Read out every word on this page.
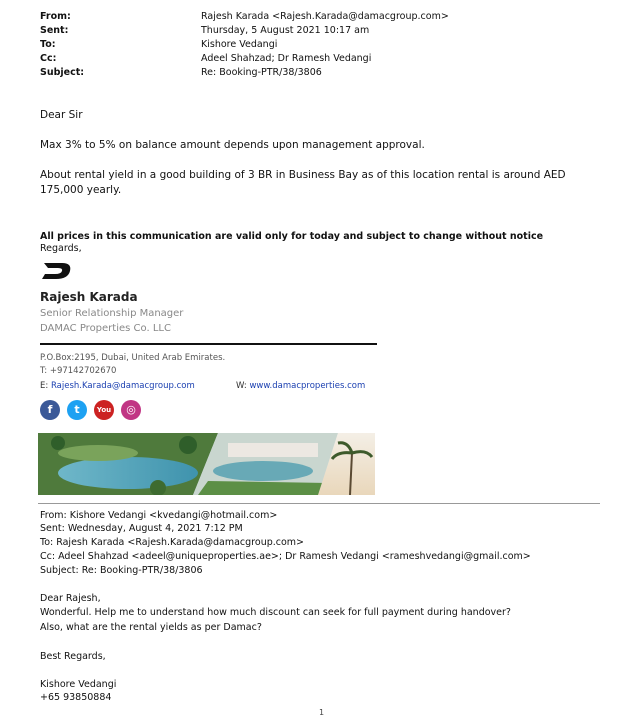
From:	Rajesh Karada <Rajesh.Karada@damacgroup.com>
Sent:	Thursday, 5 August 2021 10:17 am
To:	Kishore Vedangi
Cc:	Adeel Shahzad; Dr Ramesh Vedangi
Subject:	Re: Booking-PTR/38/3806
Dear Sir
Max 3% to 5% on balance amount depends upon management approval.
About rental yield in a good building of 3 BR in Business Bay as of this location rental is around AED 175,000 yearly.
All prices in this communication are valid only for today and subject to change without notice
Regards,
Rajesh Karada
Senior Relationship Manager
DAMAC Properties Co. LLC
P.O.Box:2195, Dubai, United Arab Emirates.
T: +97142702670
E: Rajesh.Karada@damacgroup.com	W: www.damacproperties.com
f	t	You	◎
From: Kishore Vedangi <kvedangi@hotmail.com>
Sent: Wednesday, August 4, 2021 7:12 PM
To: Rajesh Karada <Rajesh.Karada@damacgroup.com>
Cc: Adeel Shahzad <adeel@uniqueproperties.ae>; Dr Ramesh Vedangi <rameshvedangi@gmail.com>
Subject: Re: Booking-PTR/38/3806
Dear Rajesh,
Wonderful. Help me to understand how much discount can seek for full payment during handover?
Also, what are the rental yields as per Damac?
Best Regards,
Kishore Vedangi
+65 93850884
1
